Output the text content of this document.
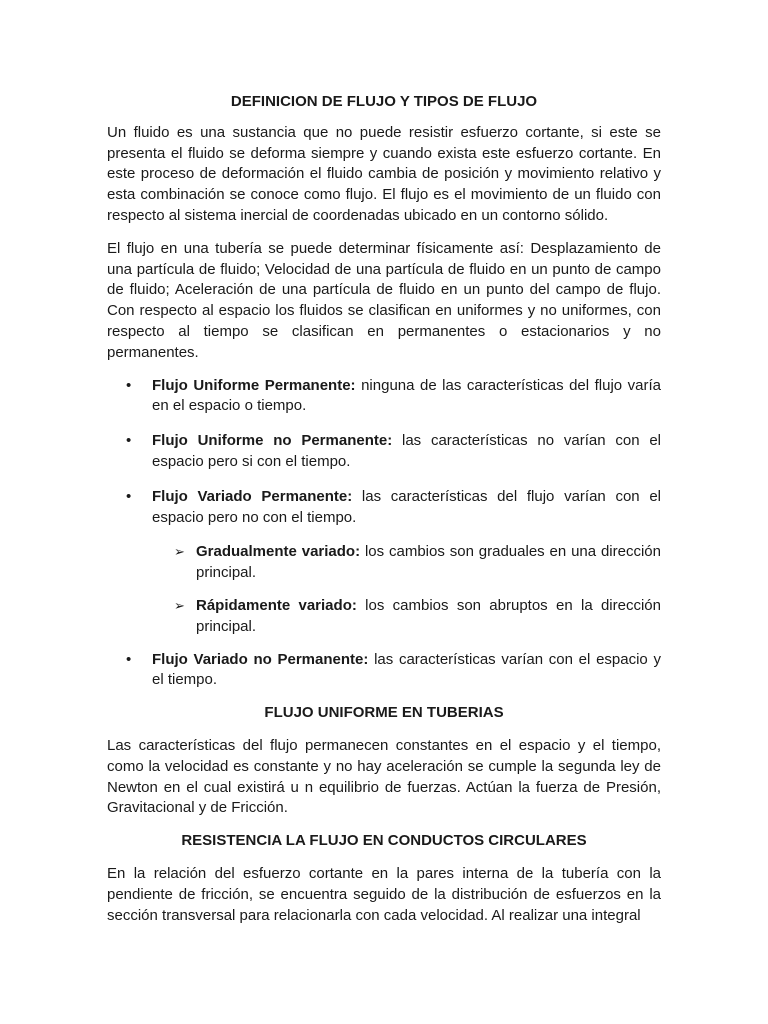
DEFINICION DE FLUJO Y TIPOS DE FLUJO

Un fluido es una sustancia que no puede resistir esfuerzo cortante, si este se presenta el fluido se deforma siempre y cuando exista este esfuerzo cortante. En este proceso de deformación el fluido cambia de posición y movimiento relativo y esta combinación se conoce como flujo. El flujo es el movimiento de un fluido con respecto al sistema inercial de coordenadas ubicado en un contorno sólido.

El flujo en una tubería se puede determinar físicamente así: Desplazamiento de una partícula de fluido; Velocidad de una partícula de fluido en un punto de campo de fluido; Aceleración de una partícula de fluido en un punto del campo de flujo. Con respecto al espacio los fluidos se clasifican en uniformes y no uniformes, con respecto al tiempo se clasifican en permanentes o estacionarios y no permanentes.

• Flujo Uniforme Permanente: ninguna de las características del flujo varía en el espacio o tiempo.
• Flujo Uniforme no Permanente: las características no varían con el espacio pero si con el tiempo.
• Flujo Variado Permanente: las características del flujo varían con el espacio pero no con el tiempo.
➢ Gradualmente variado: los cambios son graduales en una dirección principal.
➢ Rápidamente variado: los cambios son abruptos en la dirección principal.
• Flujo Variado no Permanente: las características varían con el espacio y el tiempo.

FLUJO UNIFORME EN TUBERIAS

Las características del flujo permanecen constantes en el espacio y el tiempo, como la velocidad es constante y no hay aceleración se cumple la segunda ley de Newton en el cual existirá u n equilibrio de fuerzas. Actúan la fuerza de Presión, Gravitacional y de Fricción.

RESISTENCIA LA FLUJO EN CONDUCTOS CIRCULARES

En la relación del esfuerzo cortante en la pares interna de la tubería con la pendiente de fricción, se encuentra seguido de la distribución de esfuerzos en la sección transversal para relacionarla con cada velocidad. Al realizar una integral
